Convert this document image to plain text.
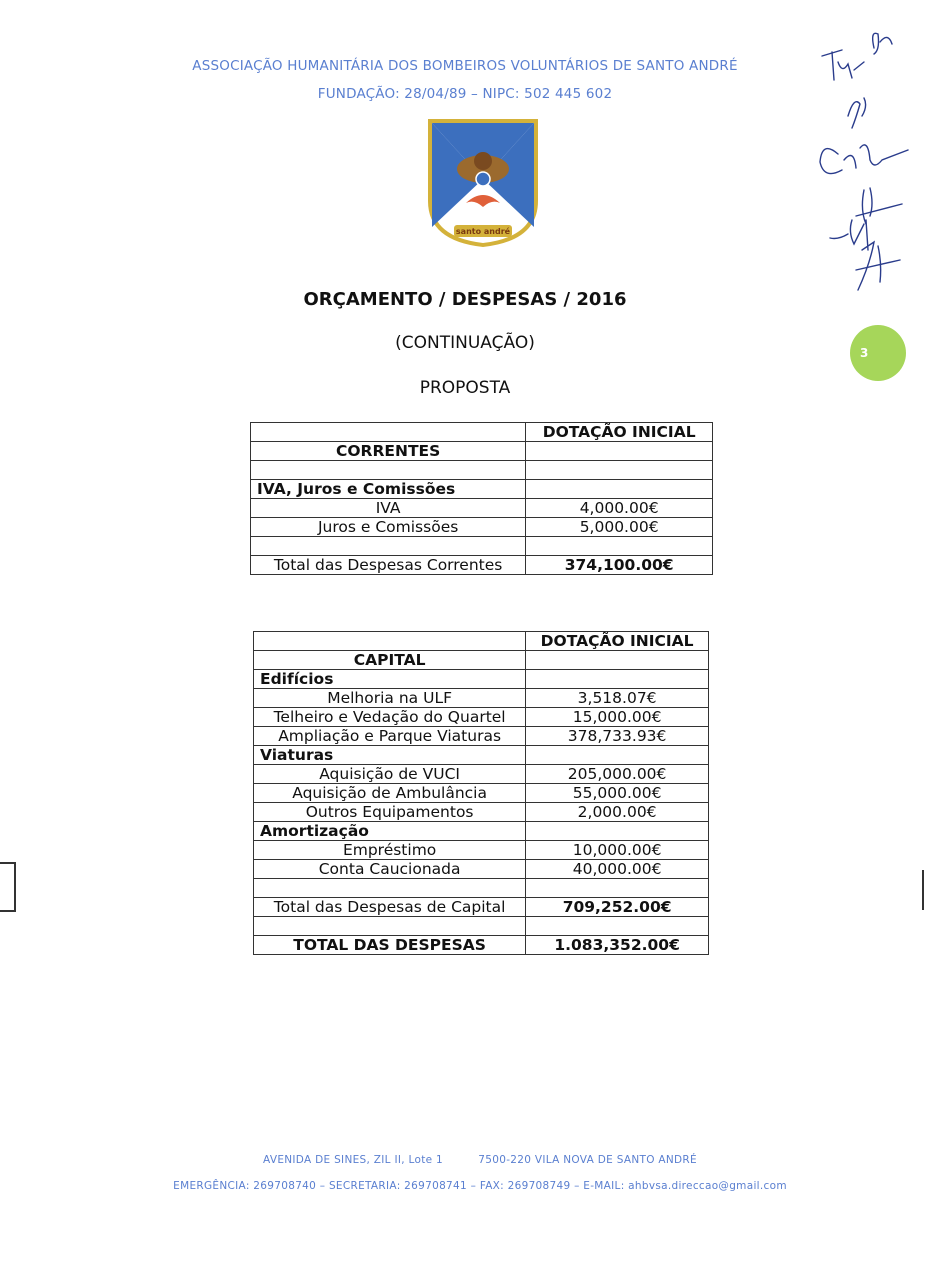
ASSOCIAÇÃO HUMANITÁRIA DOS BOMBEIROS VOLUNTÁRIOS DE SANTO ANDRÉ
FUNDAÇÃO: 28/04/89 – NIPC: 502 445 602
santo andré
ORÇAMENTO / DESPESAS / 2016
(CONTINUAÇÃO)
PROPOSTA
3
	DOTAÇÃO INICIAL
CORRENTES	

IVA, Juros e Comissões	
IVA	4,000.00€
Juros e Comissões	5,000.00€

Total das Despesas Correntes	374,100.00€
	DOTAÇÃO INICIAL
CAPITAL	
Edifícios	
Melhoria na ULF	3,518.07€
Telheiro e Vedação do Quartel	15,000.00€
Ampliação e Parque Viaturas	378,733.93€
Viaturas	
Aquisição de VUCI	205,000.00€
Aquisição de Ambulância	55,000.00€
Outros Equipamentos	2,000.00€
Amortização	
Empréstimo	10,000.00€
Conta Caucionada	40,000.00€

Total das Despesas de Capital	709,252.00€

TOTAL DAS DESPESAS	1.083,352.00€
AVENIDA DE SINES, ZIL II, Lote 1	7500-220 VILA NOVA DE SANTO ANDRÉ
EMERGÊNCIA: 269708740 – SECRETARIA: 269708741 – FAX: 269708749 – E-MAIL: ahbvsa.direccao@gmail.com
